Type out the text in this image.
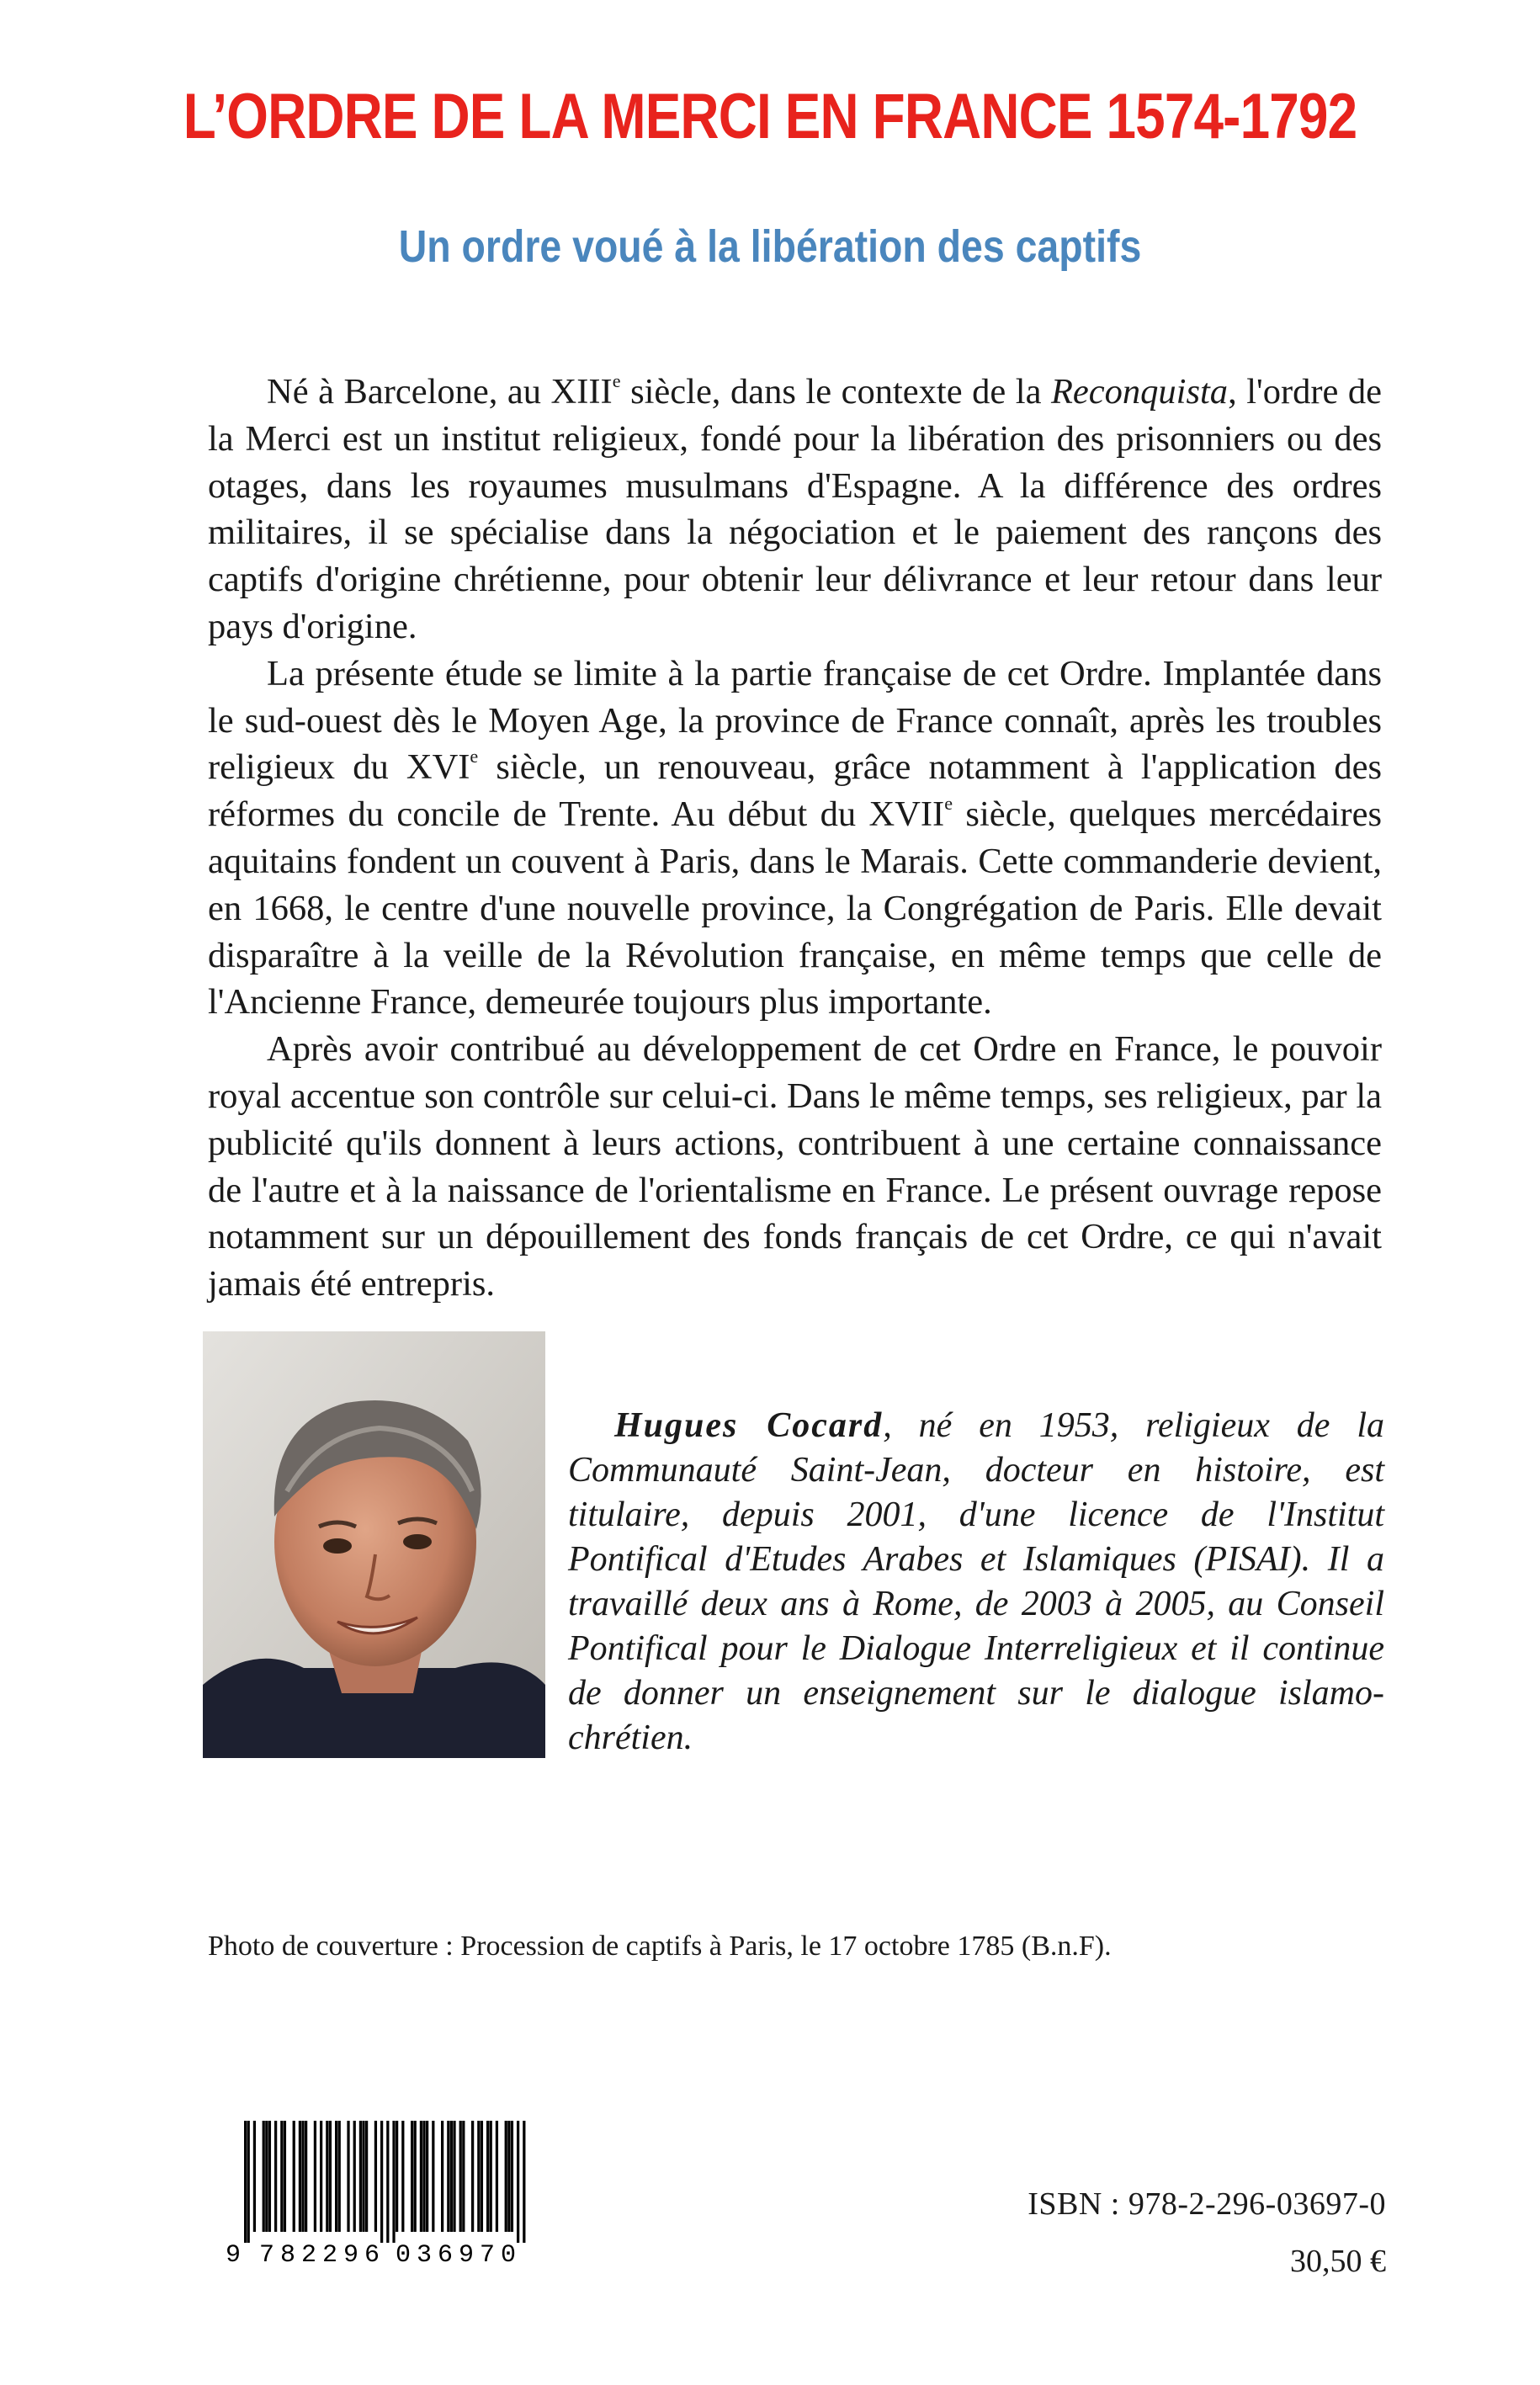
L’ORDRE DE LA MERCI EN FRANCE 1574-1792
Un ordre voué à la libération des captifs

Né à Barcelone, au XIIIe siècle, dans le contexte de la Reconquista, l'ordre de la Merci est un institut religieux, fondé pour la libération des prisonniers ou des otages, dans les royaumes musulmans d'Espagne. A la différence des ordres militaires, il se spécialise dans la négociation et le paiement des rançons des captifs d'origine chrétienne, pour obtenir leur délivrance et leur retour dans leur pays d'origine.

La présente étude se limite à la partie française de cet Ordre. Implantée dans le sud-ouest dès le Moyen Age, la province de France connaît, après les troubles religieux du XVIe siècle, un renouveau, grâce notamment à l'application des réformes du concile de Trente. Au début du XVIIe siècle, quelques mercédaires aquitains fondent un couvent à Paris, dans le Marais. Cette commanderie devient, en 1668, le centre d'une nouvelle province, la Congrégation de Paris. Elle devait disparaître à la veille de la Révolution française, en même temps que celle de l'Ancienne France, demeurée toujours plus importante.

Après avoir contribué au développement de cet Ordre en France, le pouvoir royal accentue son contrôle sur celui-ci. Dans le même temps, ses religieux, par la publicité qu'ils donnent à leurs actions, contribuent à une certaine connaissance de l'autre et à la naissance de l'orientalisme en France. Le présent ouvrage repose notamment sur un dépouillement des fonds français de cet Ordre, ce qui n'avait jamais été entrepris.

Hugues Cocard, né en 1953, religieux de la Communauté Saint-Jean, docteur en histoire, est titulaire, depuis 2001, d'une licence de l'Institut Pontifical d'Etudes Arabes et Islamiques (PISAI). Il a travaillé deux ans à Rome, de 2003 à 2005, au Conseil Pontifical pour le Dialogue Interreligieux et il continue de donner un enseignement sur le dialogue islamo-chrétien.

Photo de couverture : Procession de captifs à Paris, le 17 octobre 1785 (B.n.F).
9 782296 036970
ISBN : 978-2-296-03697-0
30,50 €
